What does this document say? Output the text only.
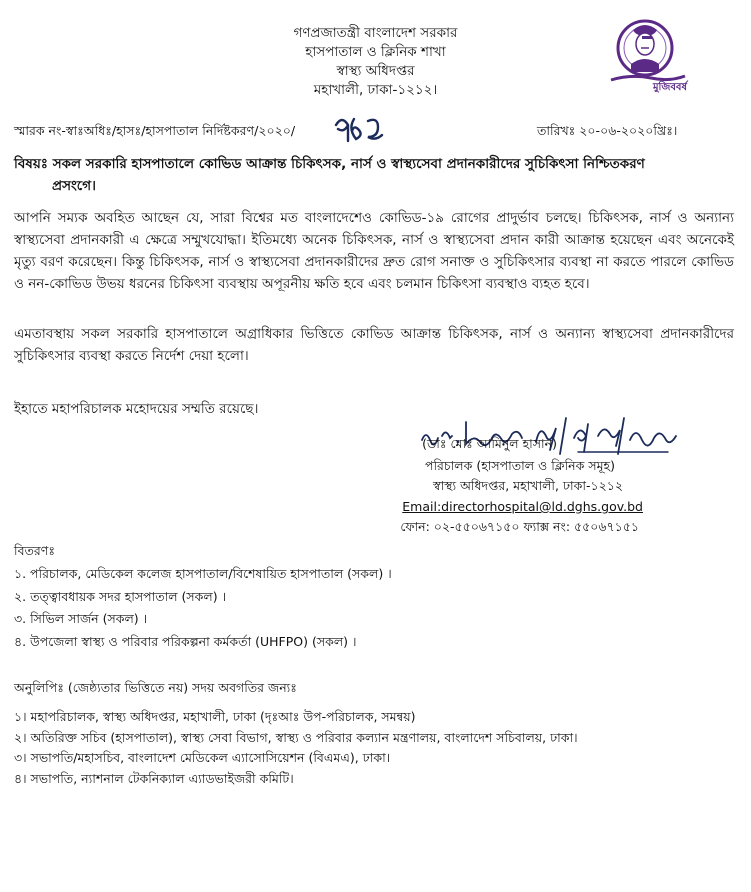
গণপ্রজাতন্ত্রী বাংলাদেশ সরকার
হাসপাতাল ও ক্লিনিক শাখা
স্বাস্থ্য অধিদপ্তর
মহাখালী, ঢাকা-১২১২।	মুজিববর্ষ
স্মারক নং-স্বাঃঅধিঃ/হাসঃ/হাসপাতাল নির্দিষ্টকরণ/২০২০/	তারিখঃ ২০-০৬-২০২০খ্রিঃ।
বিষয়ঃ সকল সরকারি হাসপাতালে কোভিড আক্রান্ত চিকিৎসক, নার্স ও স্বাস্থ্যসেবা প্রদানকারীদের সুচিকিৎসা নিশ্চিতকরণ
প্রসংগে।
আপনি সম্যক অবহিত আছেন যে, সারা বিশ্বের মত বাংলাদেশেও কোভিড-১৯ রোগের প্রাদুর্ভাব চলছে। চিকিৎসক, নার্স ও অন্যান্য স্বাস্থ্যসেবা প্রদানকারী এ ক্ষেত্রে সম্মুখযোদ্ধা। ইতিমধ্যে অনেক চিকিৎসক, নার্স ও স্বাস্থ্যসেবা প্রদান কারী আক্রান্ত হয়েছেন এবং অনেকেই মৃত্যু বরণ করেছেন। কিন্তু চিকিৎসক, নার্স ও স্বাস্থ্যসেবা প্রদানকারীদের দ্রুত রোগ সনাক্ত ও সুচিকিৎসার ব্যবস্থা না করতে পারলে কোভিড ও নন-কোভিড উভয় ধরনের চিকিৎসা ব্যবস্থায় অপূরনীয় ক্ষতি হবে এবং চলমান চিকিৎসা ব্যবস্থাও ব্যহত হবে।
এমতাবস্থায় সকল সরকারি হাসপাতালে অগ্রাধিকার ভিত্তিতে কোভিড আক্রান্ত চিকিৎসক, নার্স ও অন্যান্য স্বাস্থ্যসেবা প্রদানকারীদের সুচিকিৎসার ব্যবস্থা করতে নির্দেশ দেয়া হলো।
ইহাতে মহাপরিচালক মহোদয়ের সম্মতি রয়েছে।
(ডাঃ মোঃ আমিনুল হাসান)
পরিচালক (হাসপাতাল ও ক্লিনিক সমূহ)
স্বাস্থ্য অধিদপ্তর, মহাখালী, ঢাকা-১২১২
Email:directorhospital@ld.dghs.gov.bd
ফোন: ০২-৫৫০৬৭১৫০ ফ্যাক্স নং: ৫৫০৬৭১৫১
বিতরণঃ
১. পরিচালক, মেডিকেল কলেজ হাসপাতাল/বিশেষায়িত হাসপাতাল (সকল) ।
২. তত্ত্বাবধায়ক সদর হাসপাতাল (সকল) ।
৩. সিভিল সার্জন (সকল) ।
৪. উপজেলা স্বাস্থ্য ও পরিবার পরিকল্পনা কর্মকর্তা (UHFPO) (সকল) ।
অনুলিপিঃ (জেষ্ঠ্যতার ভিত্তিতে নয়) সদয় অবগতির জন্যঃ
১। মহাপরিচালক, স্বাস্থ্য অধিদপ্তর, মহাখালী, ঢাকা (দৃঃআঃ উপ-পরিচালক, সমন্বয়)
২। অতিরিক্ত সচিব (হাসপাতাল), স্বাস্থ্য সেবা বিভাগ, স্বাস্থ্য ও পরিবার কল্যান মন্ত্রণালয়, বাংলাদেশ সচিবালয়, ঢাকা।
৩। সভাপতি/মহাসচিব, বাংলাদেশ মেডিকেল এ্যাসোসিয়েশন (বিএমএ), ঢাকা।
৪। সভাপতি, ন্যাশনাল টেকনিক্যাল এ্যাডভাইজরী কমিটি।
